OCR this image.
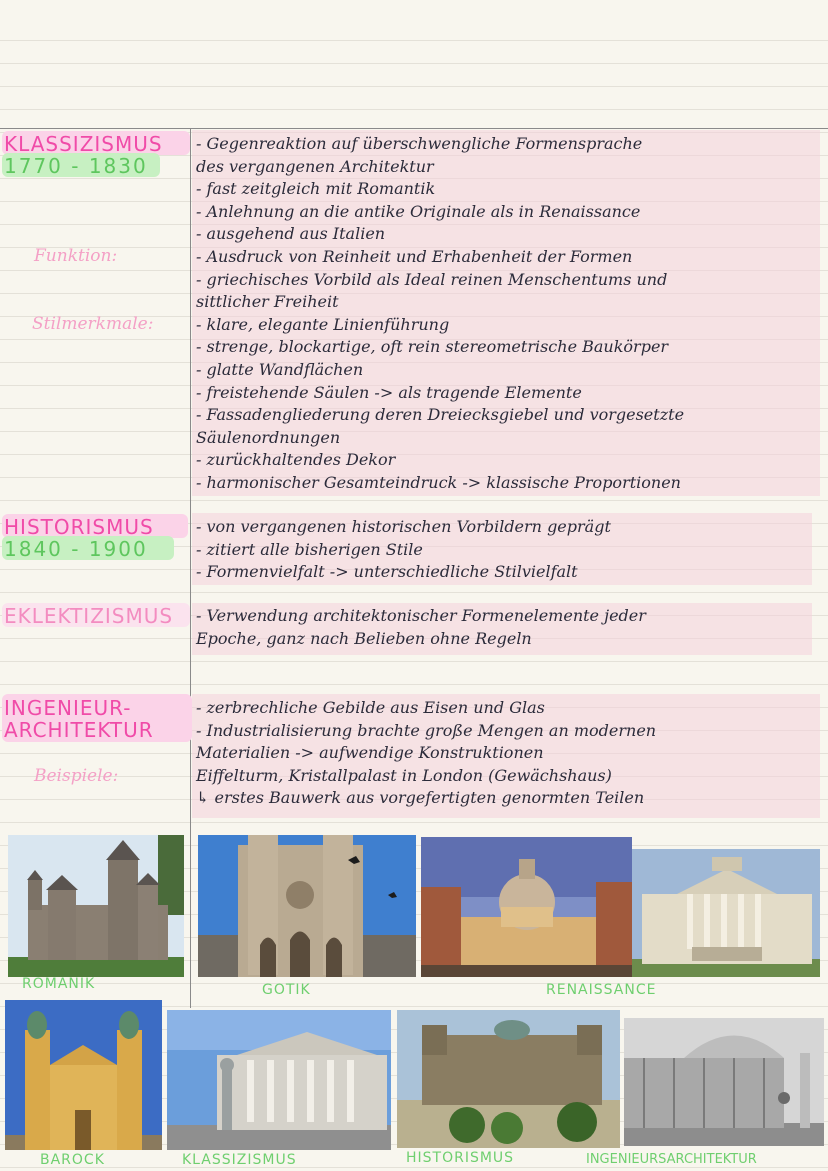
KLASSIZISMUS
1770 - 1830
Funktion:
Stilmerkmale:
- Gegenreaktion auf überschwengliche Formensprache
des vergangenen Architektur
- fast zeitgleich mit Romantik
- Anlehnung an die antike Originale als in Renaissance
- ausgehend aus Italien
- Ausdruck von Reinheit und Erhabenheit der Formen
- griechisches Vorbild als Ideal reinen Menschentums und
sittlicher Freiheit
- klare, elegante Linienführung
- strenge, blockartige, oft rein stereometrische Baukörper
- glatte Wandflächen
- freistehende Säulen -> als tragende Elemente
- Fassadengliederung deren Dreiecksgiebel und vorgesetzte
Säulenordnungen
- zurückhaltendes Dekor
- harmonischer Gesamteindruck -> klassische Proportionen
HISTORISMUS
1840 - 1900
- von vergangenen historischen Vorbildern geprägt
- zitiert alle bisherigen Stile
- Formenvielfalt -> unterschiedliche Stilvielfalt
EKLEKTIZISMUS - Verwendung architektonischer Formenelemente jeder
Epoche, ganz nach Belieben ohne Regeln
INGENIEUR-
ARCHITEKTUR
Beispiele:
- zerbrechliche Gebilde aus Eisen und Glas
- Industrialisierung brachte große Mengen an modernen
Materialien -> aufwendige Konstruktionen
Eiffelturm, Kristallpalast in London (Gewächshaus)
↳ erstes Bauwerk aus vorgefertigten genormten Teilen
ROMANIK	GOTIK	RENAISSANCE
BAROCK	KLASSIZISMUS	HISTORISMUS	INGENIEURSARCHITEKTUR
